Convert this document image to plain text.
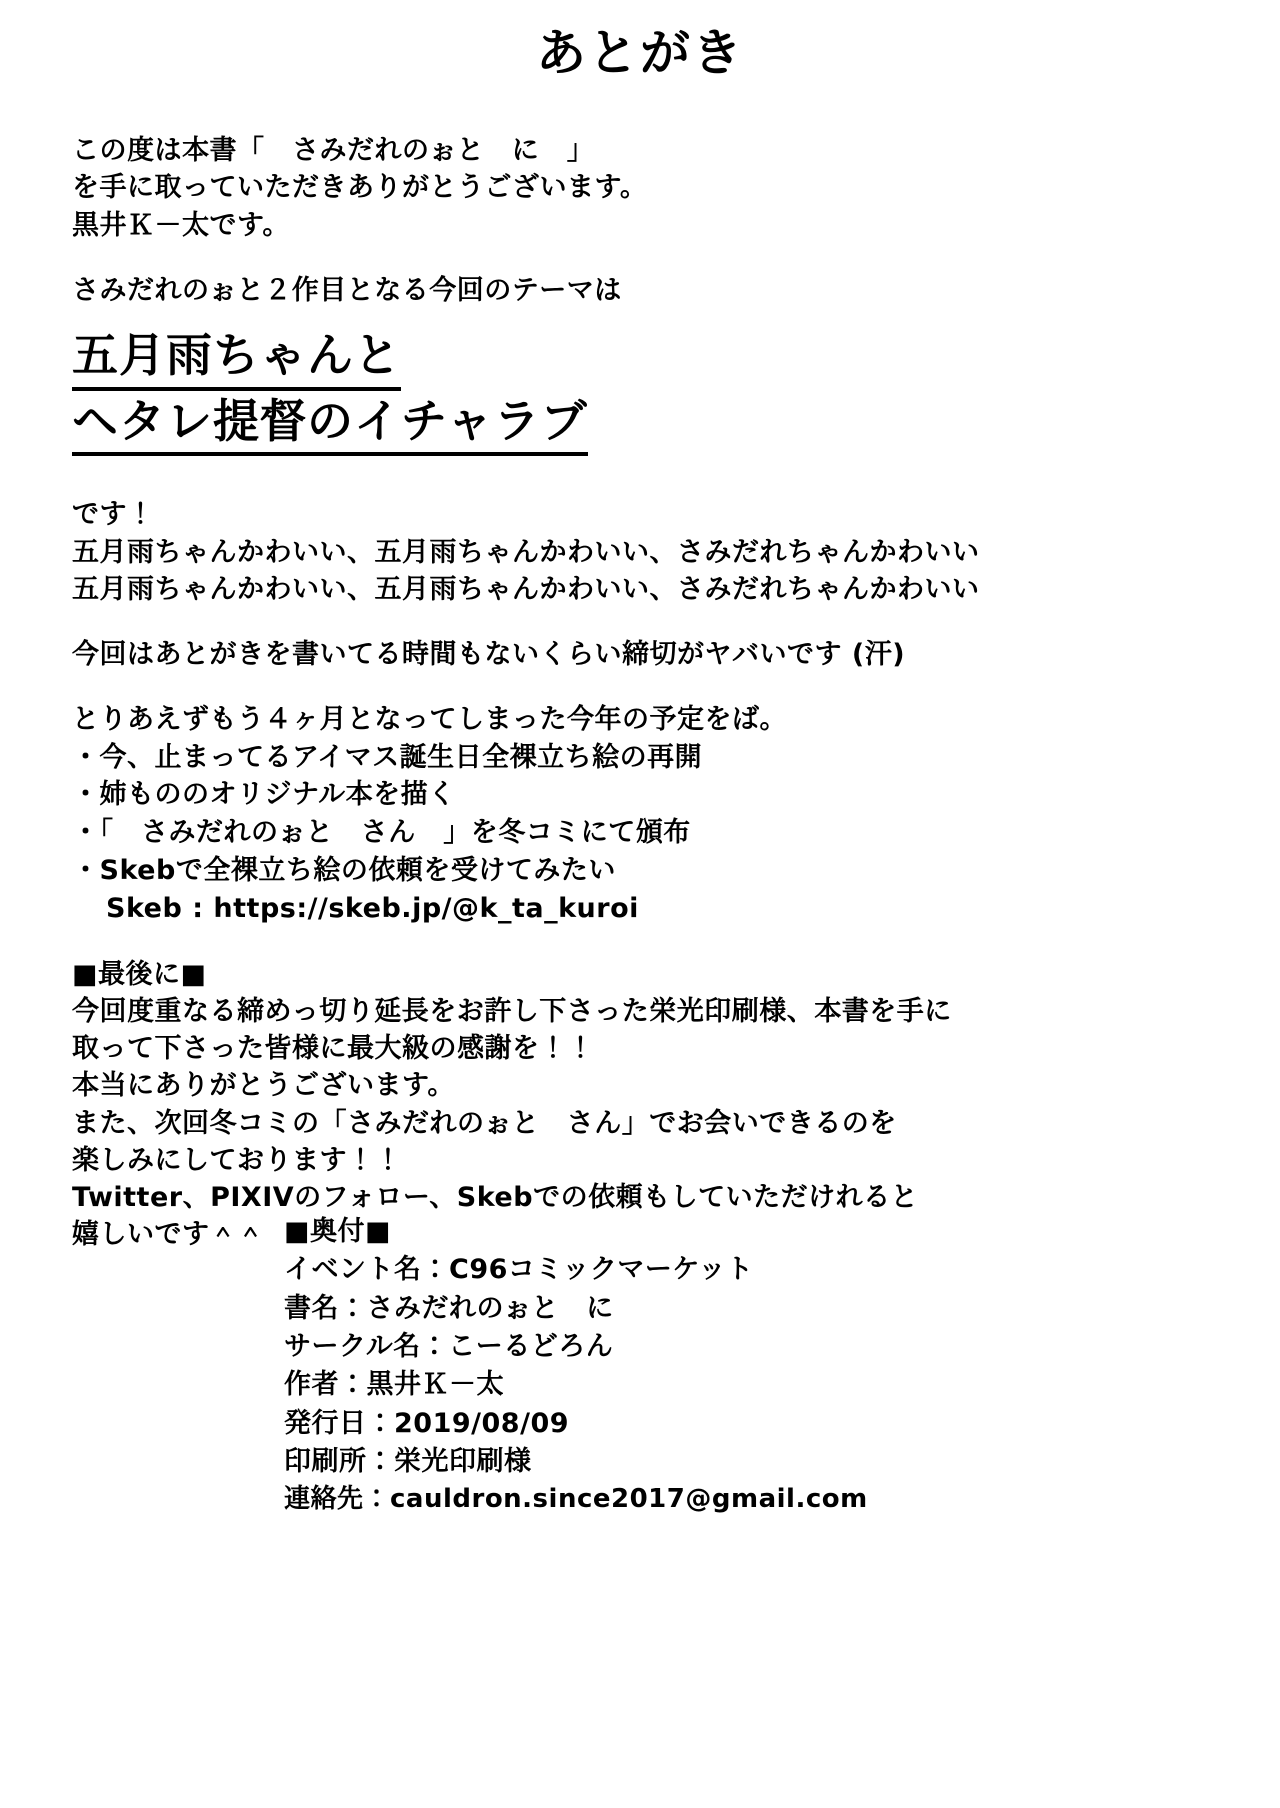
あとがき

この度は本書「　さみだれのぉと　に　」

を手に取っていただきありがとうございます。

黒井Ｋ－太です。

さみだれのぉと２作目となる今回のテーマは

五月雨ちゃんと
ヘタレ提督のイチャラブ

です！

五月雨ちゃんかわいい、五月雨ちゃんかわいい、さみだれちゃんかわいい

五月雨ちゃんかわいい、五月雨ちゃんかわいい、さみだれちゃんかわいい

今回はあとがきを書いてる時間もないくらい締切がヤバいです (汗)

とりあえずもう４ヶ月となってしまった今年の予定をば。

・今、止まってるアイマス誕生日全裸立ち絵の再開
・姉もののオリジナル本を描く
・「　さみだれのぉと　さん　」を冬コミにて頒布
・Skebで全裸立ち絵の依頼を受けてみたい
Skeb : https://skeb.jp/@k_ta_kuroi

■最後に■

今回度重なる締めっ切り延長をお許し下さった栄光印刷様、本書を手に

取って下さった皆様に最大級の感謝を！！

本当にありがとうございます。

また、次回冬コミの「さみだれのぉと　さん」でお会いできるのを

楽しみにしております！！

Twitter、PIXIVのフォロー、Skebでの依頼もしていただけれると

嬉しいです＾＾ ■奥付■
イベント名：C96コミックマーケット
書名：さみだれのぉと　に
サークル名：こーるどろん
作者：黒井Ｋ－太
発行日：2019/08/09
印刷所：栄光印刷様
連絡先：cauldron.since2017@gmail.com
